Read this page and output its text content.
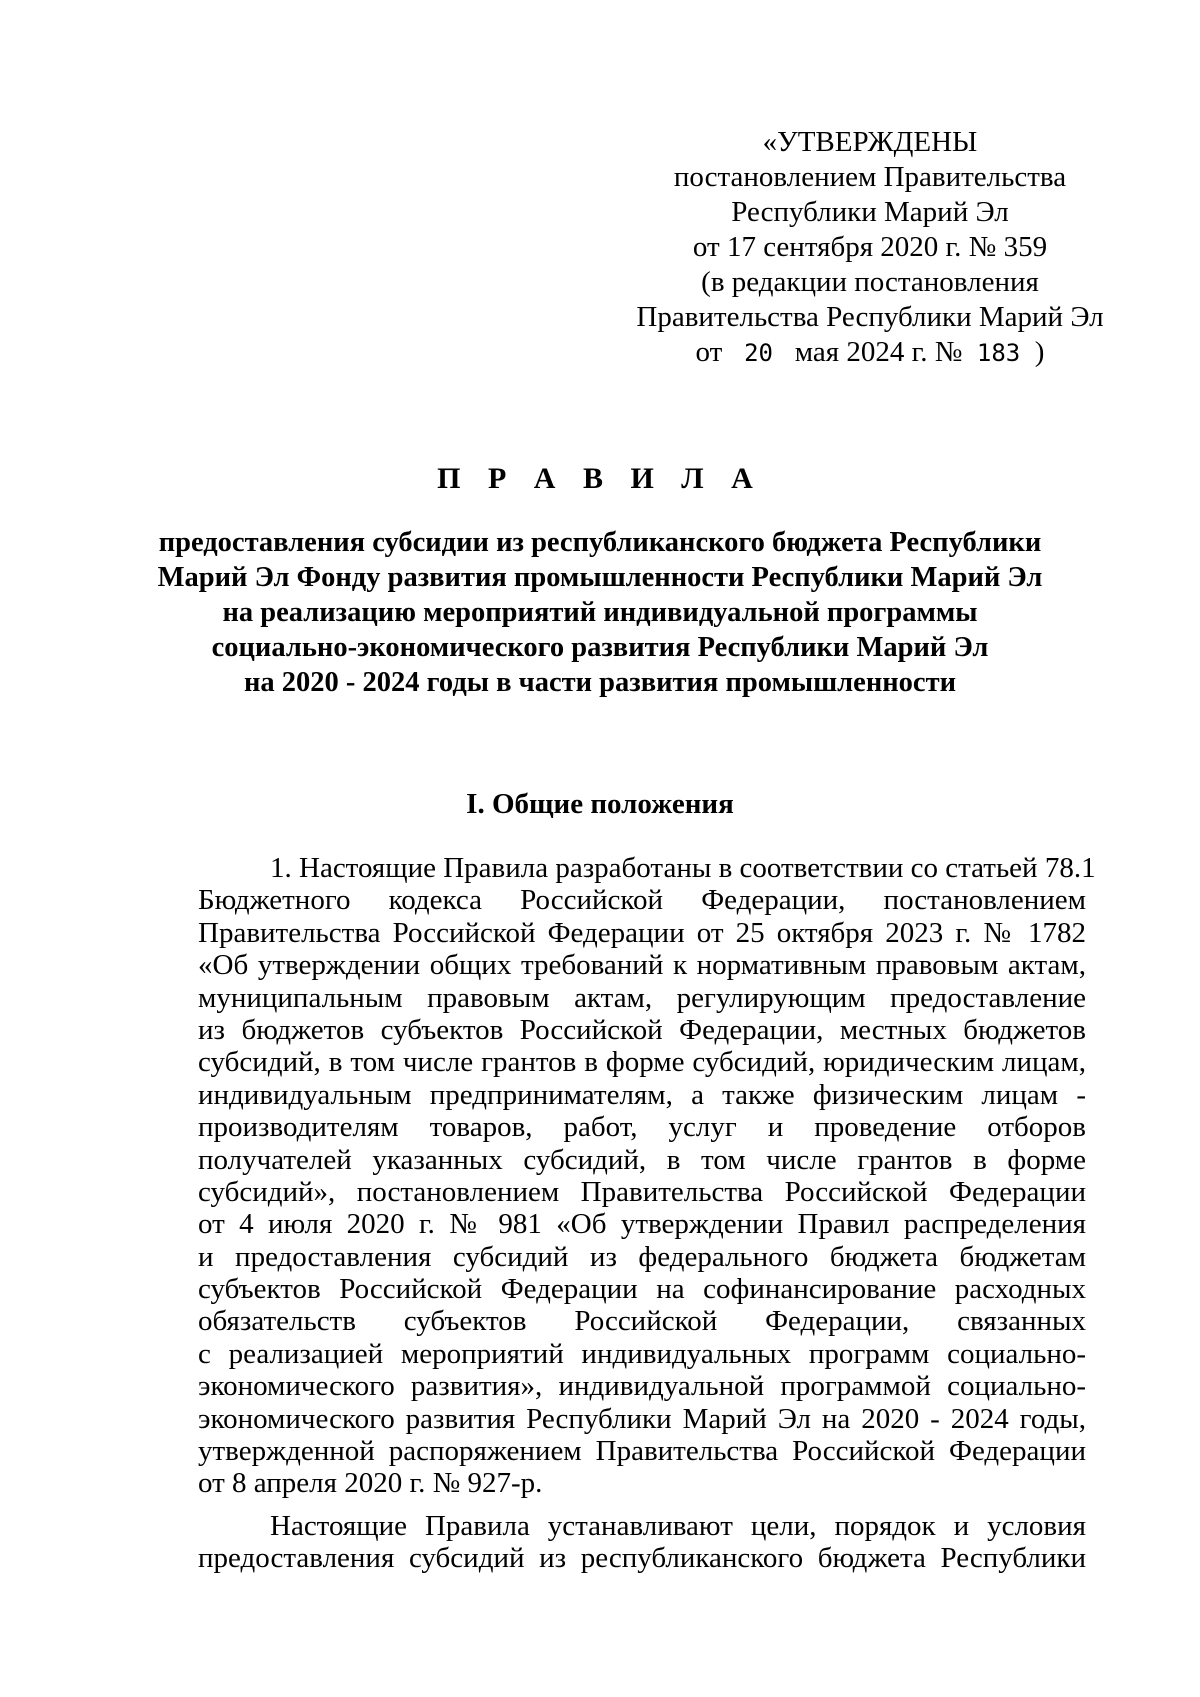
«УТВЕРЖДЕНЫ
постановлением Правительства
Республики Марий Эл
от 17 сентября 2020 г. № 359
(в редакции постановления
Правительства Республики Марий Эл
от 20 мая 2024 г. № 183 )
П Р А В И Л А
предоставления субсидии из республиканского бюджета Республики
Марий Эл Фонду развития промышленности Республики Марий Эл
на реализацию мероприятий индивидуальной программы
социально-экономического развития Республики Марий Эл
на 2020 - 2024 годы в части развития промышленности
I. Общие положения
1. Настоящие Правила разработаны в соответствии со статьей 78.1
Бюджетного кодекса Российской Федерации, постановлением
Правительства Российской Федерации от 25 октября 2023 г. № 1782
«Об утверждении общих требований к нормативным правовым актам,
муниципальным правовым актам, регулирующим предоставление
из бюджетов субъектов Российской Федерации, местных бюджетов
субсидий, в том числе грантов в форме субсидий, юридическим лицам,
индивидуальным предпринимателям, а также физическим лицам -
производителям товаров, работ, услуг и проведение отборов
получателей указанных субсидий, в том числе грантов в форме
субсидий», постановлением Правительства Российской Федерации
от 4 июля 2020 г. № 981 «Об утверждении Правил распределения
и предоставления субсидий из федерального бюджета бюджетам
субъектов Российской Федерации на софинансирование расходных
обязательств субъектов Российской Федерации, связанных
с реализацией мероприятий индивидуальных программ социально-
экономического развития», индивидуальной программой социально-
экономического развития Республики Марий Эл на 2020 - 2024 годы,
утвержденной распоряжением Правительства Российской Федерации
от 8 апреля 2020 г. № 927-р.
Настоящие Правила устанавливают цели, порядок и условия
предоставления субсидий из республиканского бюджета Республики
